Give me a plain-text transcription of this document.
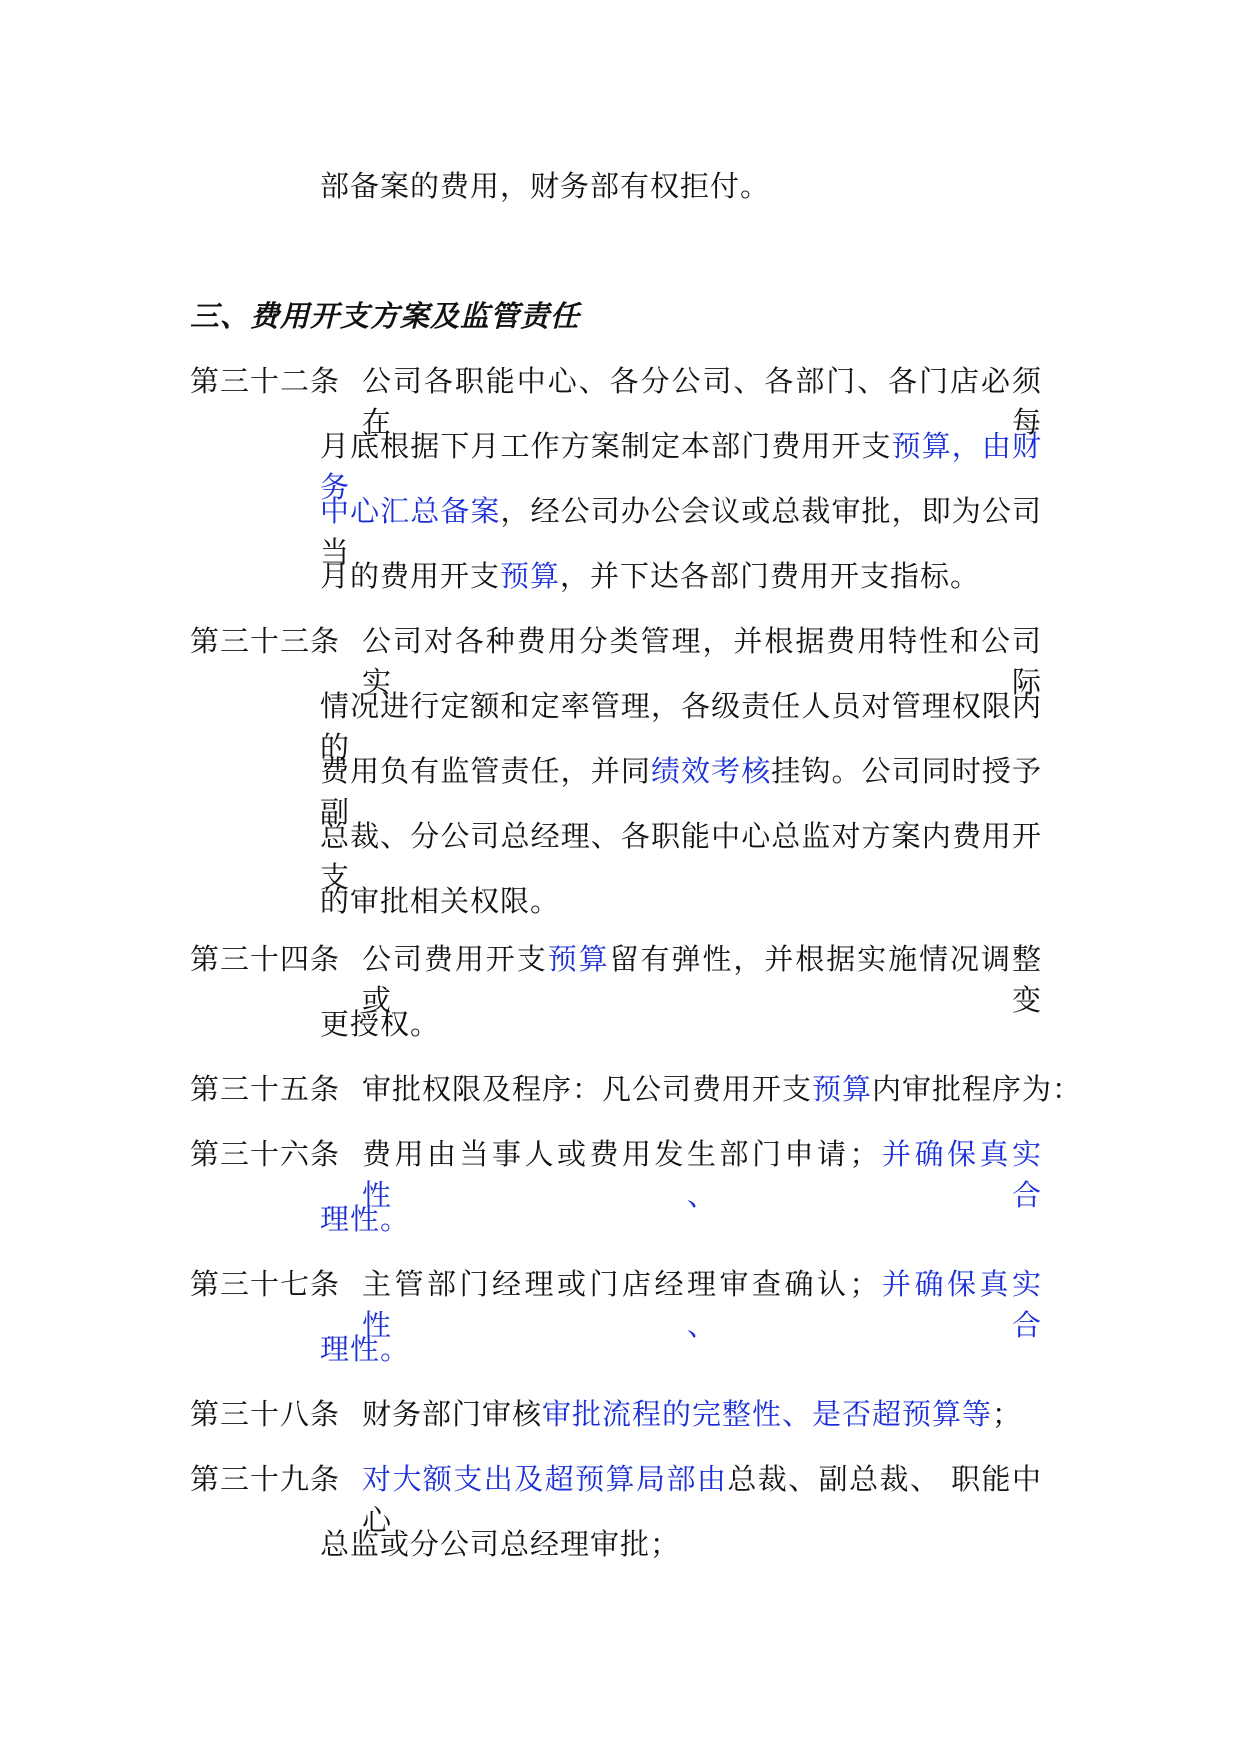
部备案的费用，财务部有权拒付。
三、费用开支方案及监管责任
第三十二条 公司各职能中心、各分公司、各部门、各门店必须在每
月底根据下月工作方案制定本部门费用开支预算，由财务
中心汇总备案，经公司办公会议或总裁审批，即为公司当
月的费用开支预算，并下达各部门费用开支指标。
第三十三条 公司对各种费用分类管理，并根据费用特性和公司实际
情况进行定额和定率管理，各级责任人员对管理权限内的
费用负有监管责任，并同绩效考核挂钩。公司同时授予副
总裁、分公司总经理、各职能中心总监对方案内费用开支
的审批相关权限。
第三十四条 公司费用开支预算留有弹性，并根据实施情况调整或变
更授权。
第三十五条 审批权限及程序：凡公司费用开支预算内审批程序为：
第三十六条 费用由当事人或费用发生部门申请；并确保真实性、合
理性。
第三十七条 主管部门经理或门店经理审查确认；并确保真实性、合
理性。
第三十八条 财务部门审核审批流程的完整性、是否超预算等；
第三十九条 对大额支出及超预算局部由总裁、副总裁、 职能中心
总监或分公司总经理审批；
